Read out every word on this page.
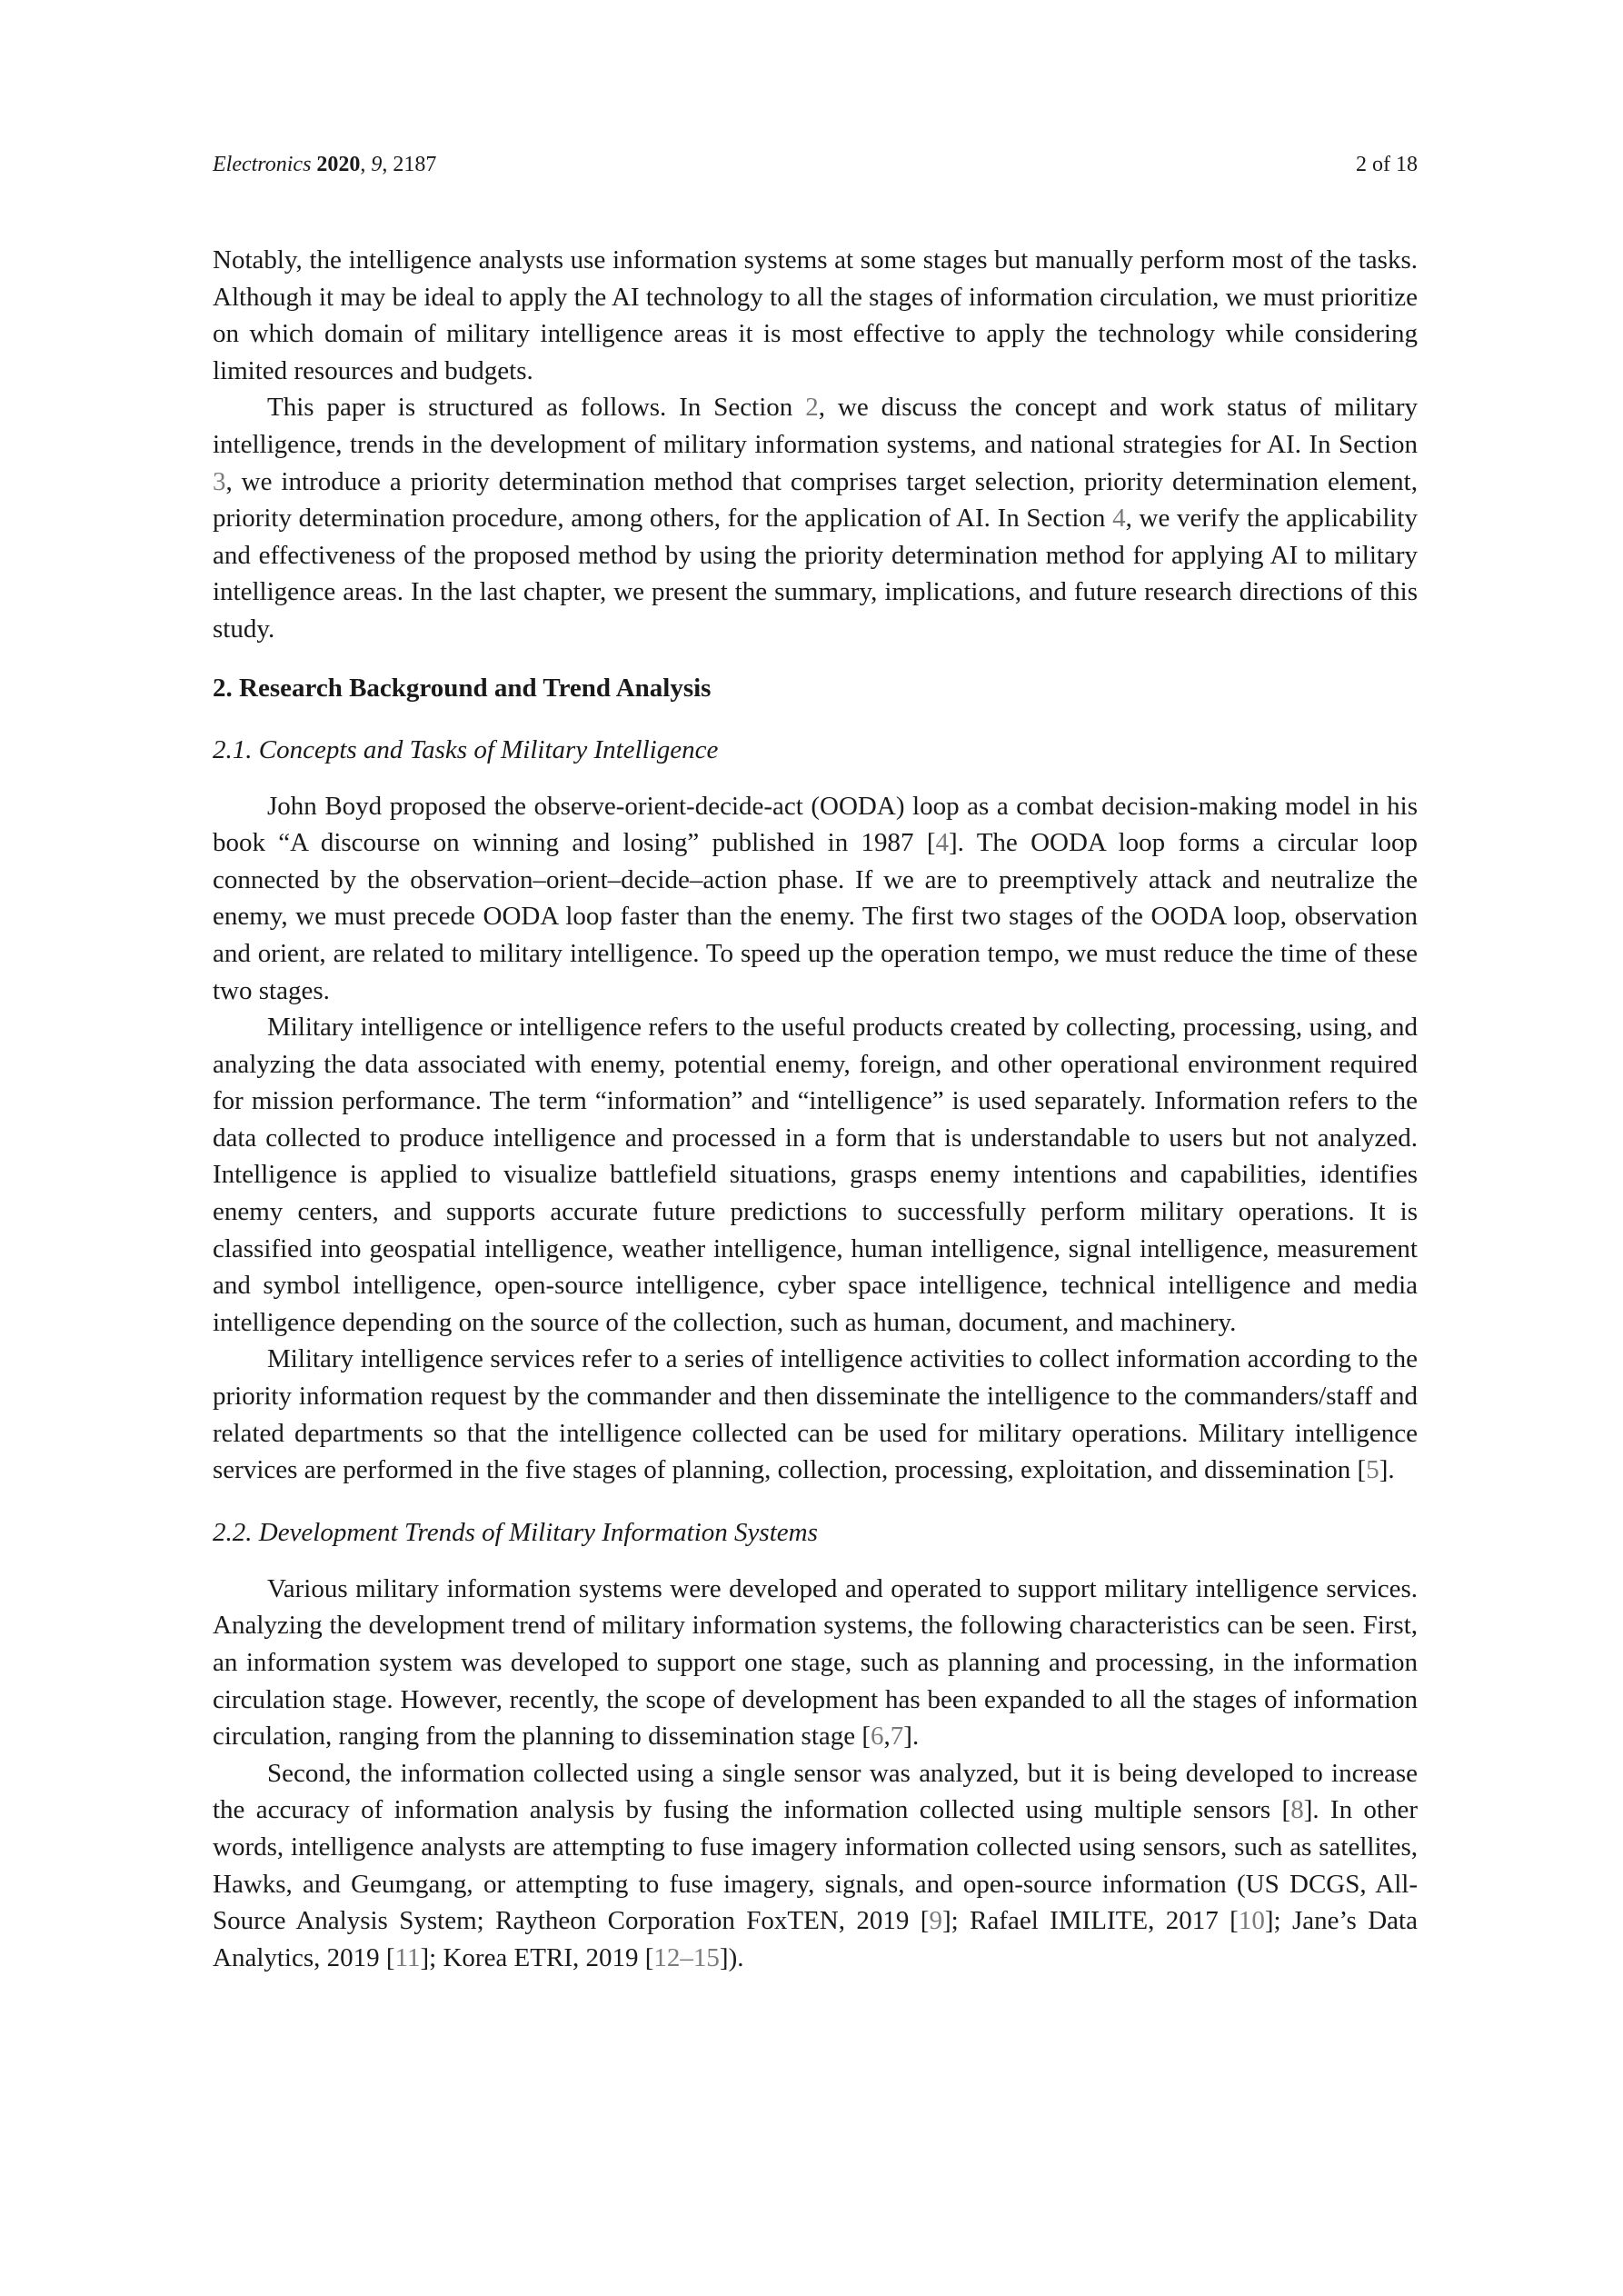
Electronics 2020, 9, 2187	2 of 18

Notably, the intelligence analysts use information systems at some stages but manually perform most of the tasks. Although it may be ideal to apply the AI technology to all the stages of information circulation, we must prioritize on which domain of military intelligence areas it is most effective to apply the technology while considering limited resources and budgets.

This paper is structured as follows. In Section 2, we discuss the concept and work status of military intelligence, trends in the development of military information systems, and national strategies for AI. In Section 3, we introduce a priority determination method that comprises target selection, priority determination element, priority determination procedure, among others, for the application of AI. In Section 4, we verify the applicability and effectiveness of the proposed method by using the priority determination method for applying AI to military intelligence areas. In the last chapter, we present the summary, implications, and future research directions of this study.

2. Research Background and Trend Analysis
2.1. Concepts and Tasks of Military Intelligence

John Boyd proposed the observe-orient-decide-act (OODA) loop as a combat decision-making model in his book “A discourse on winning and losing” published in 1987 [4]. The OODA loop forms a circular loop connected by the observation–orient–decide–action phase. If we are to preemptively attack and neutralize the enemy, we must precede OODA loop faster than the enemy. The first two stages of the OODA loop, observation and orient, are related to military intelligence. To speed up the operation tempo, we must reduce the time of these two stages.

Military intelligence or intelligence refers to the useful products created by collecting, processing, using, and analyzing the data associated with enemy, potential enemy, foreign, and other operational environment required for mission performance. The term “information” and “intelligence” is used separately. Information refers to the data collected to produce intelligence and processed in a form that is understandable to users but not analyzed. Intelligence is applied to visualize battlefield situations, grasps enemy intentions and capabilities, identifies enemy centers, and supports accurate future predictions to successfully perform military operations. It is classified into geospatial intelligence, weather intelligence, human intelligence, signal intelligence, measurement and symbol intelligence, open-source intelligence, cyber space intelligence, technical intelligence and media intelligence depending on the source of the collection, such as human, document, and machinery.

Military intelligence services refer to a series of intelligence activities to collect information according to the priority information request by the commander and then disseminate the intelligence to the commanders/staff and related departments so that the intelligence collected can be used for military operations. Military intelligence services are performed in the five stages of planning, collection, processing, exploitation, and dissemination [5].

2.2. Development Trends of Military Information Systems

Various military information systems were developed and operated to support military intelligence services. Analyzing the development trend of military information systems, the following characteristics can be seen. First, an information system was developed to support one stage, such as planning and processing, in the information circulation stage. However, recently, the scope of development has been expanded to all the stages of information circulation, ranging from the planning to dissemination stage [6,7].

Second, the information collected using a single sensor was analyzed, but it is being developed to increase the accuracy of information analysis by fusing the information collected using multiple sensors [8]. In other words, intelligence analysts are attempting to fuse imagery information collected using sensors, such as satellites, Hawks, and Geumgang, or attempting to fuse imagery, signals, and open-source information (US DCGS, All-Source Analysis System; Raytheon Corporation FoxTEN, 2019 [9]; Rafael IMILITE, 2017 [10]; Jane’s Data Analytics, 2019 [11]; Korea ETRI, 2019 [12–15]).
